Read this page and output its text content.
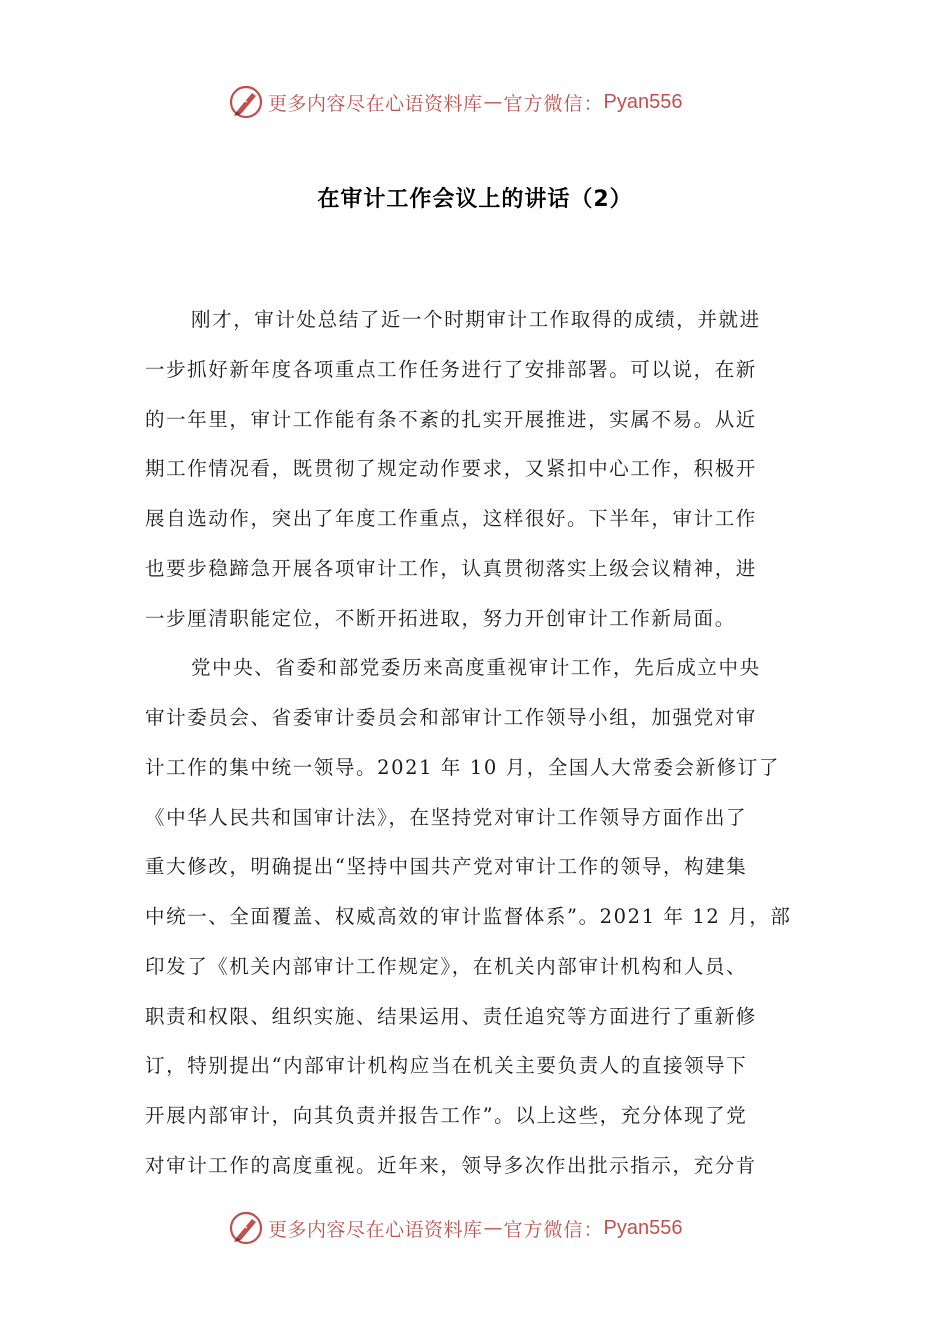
更多内容尽在心语资料库 — 官方微信： Pyan556
在审计工作会议上的讲话（2）
刚才，审计处总结了近一个时期审计工作取得的成绩，并就进
一步抓好新年度各项重点工作任务进行了安排部署。可以说，在新
的一年里，审计工作能有条不紊的扎实开展推进，实属不易。从近
期工作情况看，既贯彻了规定动作要求，又紧扣中心工作，积极开
展自选动作，突出了年度工作重点，这样很好。下半年，审计工作
也要步稳蹄急开展各项审计工作，认真贯彻落实上级会议精神，进
一步厘清职能定位，不断开拓进取，努力开创审计工作新局面。
党中央、省委和部党委历来高度重视审计工作，先后成立中央
审计委员会、省委审计委员会和部审计工作领导小组，加强党对审
计工作的集中统一领导。2021 年 10 月，全国人大常委会新修订了
《中华人民共和国审计法》，在坚持党对审计工作领导方面作出了
重大修改，明确提出“坚持中国共产党对审计工作的领导，构建集
中统一、全面覆盖、权威高效的审计监督体系”。2021 年 12 月，部
印发了《机关内部审计工作规定》，在机关内部审计机构和人员、
职责和权限、组织实施、结果运用、责任追究等方面进行了重新修
订，特别提出“内部审计机构应当在机关主要负责人的直接领导下
开展内部审计，向其负责并报告工作”。以上这些，充分体现了党
对审计工作的高度重视。近年来，领导多次作出批示指示，充分肯
更多内容尽在心语资料库 — 官方微信： Pyan556
